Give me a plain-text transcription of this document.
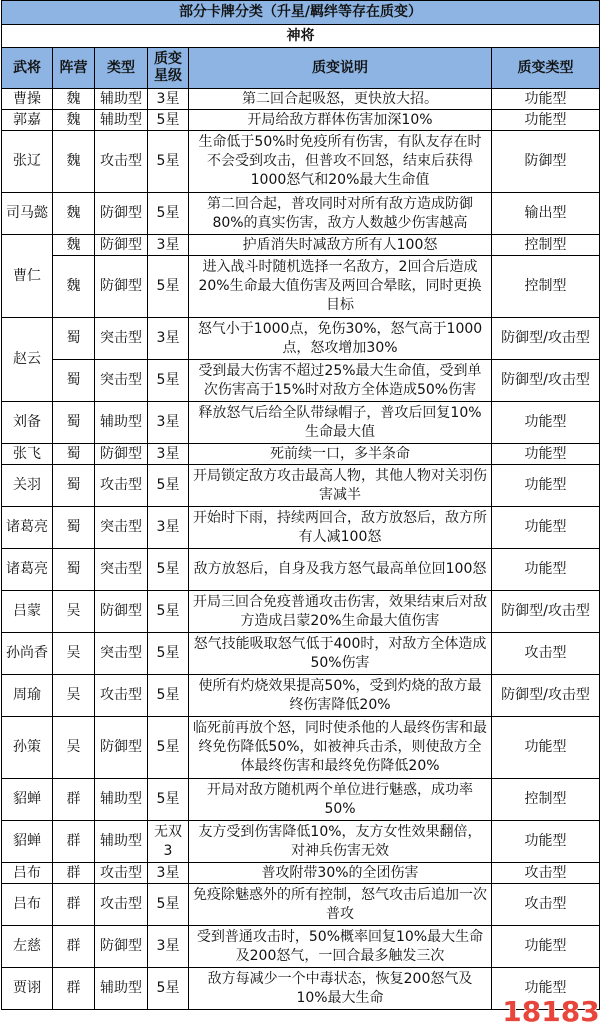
部分卡牌分类（升星/羁绊等存在质变）					
神将					
武将	阵营	类型	质变星级	质变说明	质变类型
曹操	魏	辅助型	3星	第二回合起吸怒，更快放大招。	功能型
郭嘉	魏	辅助型	5星	开局给敌方群体伤害加深10%	功能型
张辽	魏	攻击型	5星	生命低于50%时免疫所有伤害，有队友存在时不会受到攻击，但普攻不回怒，结束后获得1000怒气和20%最大生命值	防御型
司马懿	魏	防御型	5星	第二回合起，普攻同时对所有敌方造成防御80%的真实伤害，敌方人数越少伤害越高	输出型
曹仁	魏	防御型	3星	护盾消失时减敌方所有人100怒	控制型
	魏	防御型	5星	进入战斗时随机选择一名敌方，2回合后造成20%生命最大值伤害及两回合晕眩，同时更换目标	控制型
赵云	蜀	突击型	3星	怒气小于1000点，免伤30%，怒气高于1000点，怒攻增加30%	防御型/攻击型
	蜀	突击型	5星	受到最大伤害不超过25%最大生命值，受到单次伤害高于15%时对敌方全体造成50%伤害	防御型/攻击型
刘备	蜀	辅助型	3星	释放怒气后给全队带绿帽子，普攻后回复10%生命最大值	功能型
张飞	蜀	防御型	3星	死前续一口，多半条命	功能型
关羽	蜀	攻击型	5星	开局锁定敌方攻击最高人物，其他人物对关羽伤害减半	功能型
诸葛亮	蜀	突击型	3星	开始时下雨，持续两回合，敌方放怒后，敌方所有人减100怒	功能型
诸葛亮	蜀	突击型	5星	敌方放怒后，自身及我方怒气最高单位回100怒	功能型
吕蒙	吴	防御型	5星	开局三回合免疫普通攻击伤害，效果结束后对敌方造成吕蒙20%生命最大值伤害	防御型/攻击型
孙尚香	吴	突击型	5星	怒气技能吸取怒气低于400时，对敌方全体造成50%伤害	攻击型
周瑜	吴	攻击型	5星	使所有灼烧效果提高50%，受到灼烧的敌方最终伤害降低20%	防御型/攻击型
孙策	吴	防御型	5星	临死前再放个怒，同时使杀他的人最终伤害和最终免伤降低50%，如被神兵击杀，则使敌方全体最终伤害和最终免伤降低20%	功能型
貂蝉	群	辅助型	5星	开局对敌方随机两个单位进行魅惑，成功率50%	控制型
貂蝉	群	辅助型	无双3	友方受到伤害降低10%，友方女性效果翻倍，对神兵伤害无效	功能型
吕布	群	攻击型	3星	普攻附带30%的全团伤害	攻击型
吕布	群	攻击型	5星	免疫除魅惑外的所有控制，怒气攻击后追加一次普攻	攻击型
左慈	群	防御型	3星	受到普通攻击时，50%概率回复10%最大生命及200怒气，一回合最多触发三次	功能型
贾诩	群	辅助型	5星	敌方每减少一个中毒状态，恢复200怒气及10%最大生命	功能型
18183
